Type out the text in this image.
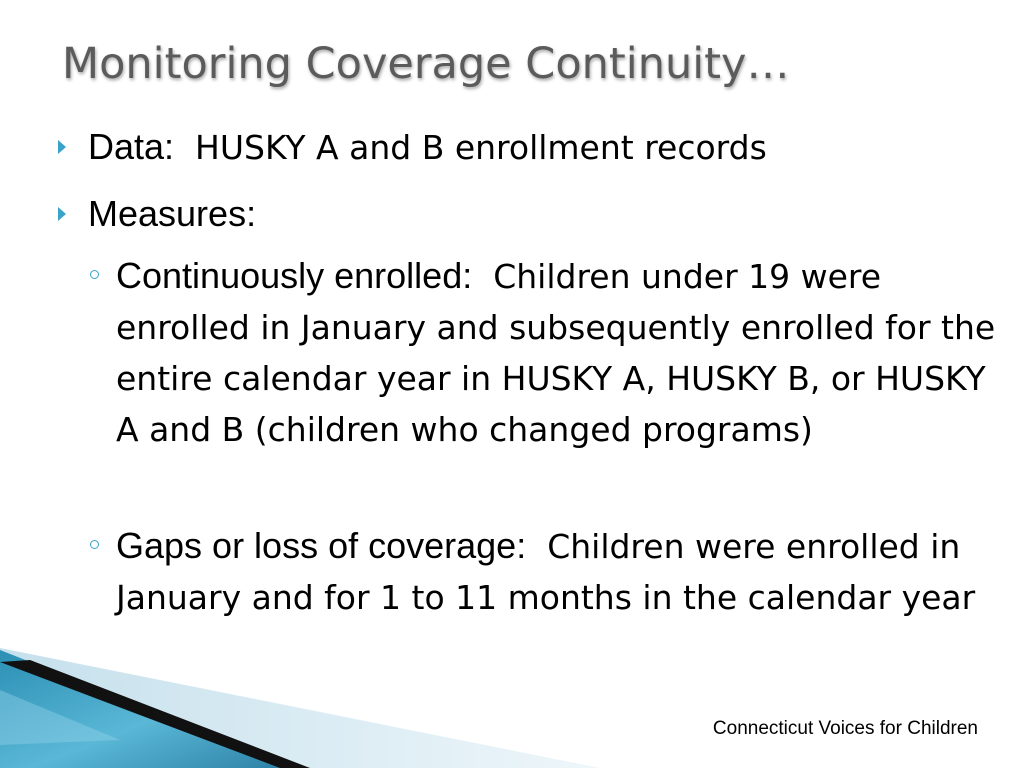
Monitoring Coverage Continuity…
Data: HUSKY A and B enrollment records
Measures:
Continuously enrolled: Children under 19 were enrolled in January and subsequently enrolled for the entire calendar year in HUSKY A, HUSKY B, or HUSKY A and B (children who changed programs)
Gaps or loss of coverage: Children were enrolled in January and for 1 to 11 months in the calendar year
Connecticut Voices for Children
